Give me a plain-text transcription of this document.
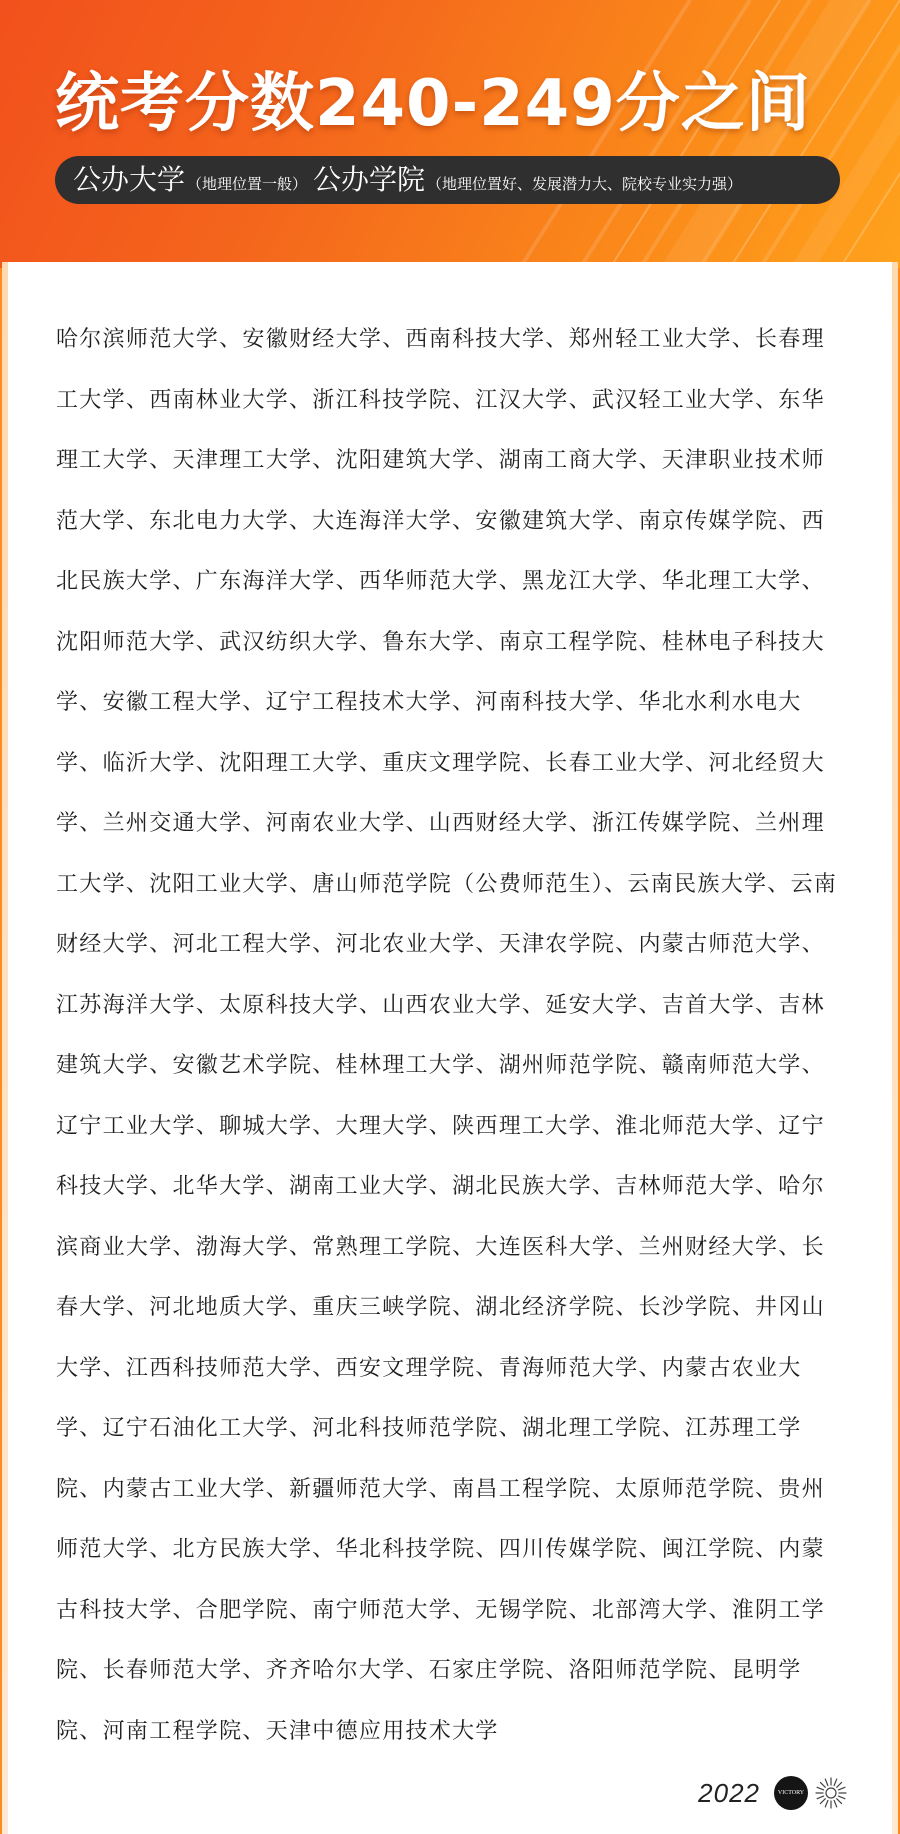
统考分数240-249分之间
公办大学 （地理位置一般） 公办学院 （地理位置好、发展潜力大、院校专业实力强）

哈尔滨师范大学、安徽财经大学、西南科技大学、郑州轻工业大学、长春理工大学、西南林业大学、浙江科技学院、江汉大学、武汉轻工业大学、东华理工大学、天津理工大学、沈阳建筑大学、湖南工商大学、天津职业技术师范大学、东北电力大学、大连海洋大学、安徽建筑大学、南京传媒学院、西北民族大学、广东海洋大学、西华师范大学、黑龙江大学、华北理工大学、沈阳师范大学、武汉纺织大学、鲁东大学、南京工程学院、桂林电子科技大学、安徽工程大学、辽宁工程技术大学、河南科技大学、华北水利水电大学、临沂大学、沈阳理工大学、重庆文理学院、长春工业大学、河北经贸大学、兰州交通大学、河南农业大学、山西财经大学、浙江传媒学院、兰州理工大学、沈阳工业大学、唐山师范学院（公费师范生）、云南民族大学、云南财经大学、河北工程大学、河北农业大学、天津农学院、内蒙古师范大学、江苏海洋大学、太原科技大学、山西农业大学、延安大学、吉首大学、吉林建筑大学、安徽艺术学院、桂林理工大学、湖州师范学院、赣南师范大学、辽宁工业大学、聊城大学、大理大学、陕西理工大学、淮北师范大学、辽宁科技大学、北华大学、湖南工业大学、湖北民族大学、吉林师范大学、哈尔滨商业大学、渤海大学、常熟理工学院、大连医科大学、兰州财经大学、长春大学、河北地质大学、重庆三峡学院、湖北经济学院、长沙学院、井冈山大学、江西科技师范大学、西安文理学院、青海师范大学、内蒙古农业大学、辽宁石油化工大学、河北科技师范学院、湖北理工学院、江苏理工学院、内蒙古工业大学、新疆师范大学、南昌工程学院、太原师范学院、贵州师范大学、北方民族大学、华北科技学院、四川传媒学院、闽江学院、内蒙古科技大学、合肥学院、南宁师范大学、无锡学院、北部湾大学、淮阴工学院、长春师范大学、齐齐哈尔大学、石家庄学院、洛阳师范学院、昆明学院、河南工程学院、天津中德应用技术大学

2022	VICTORY
